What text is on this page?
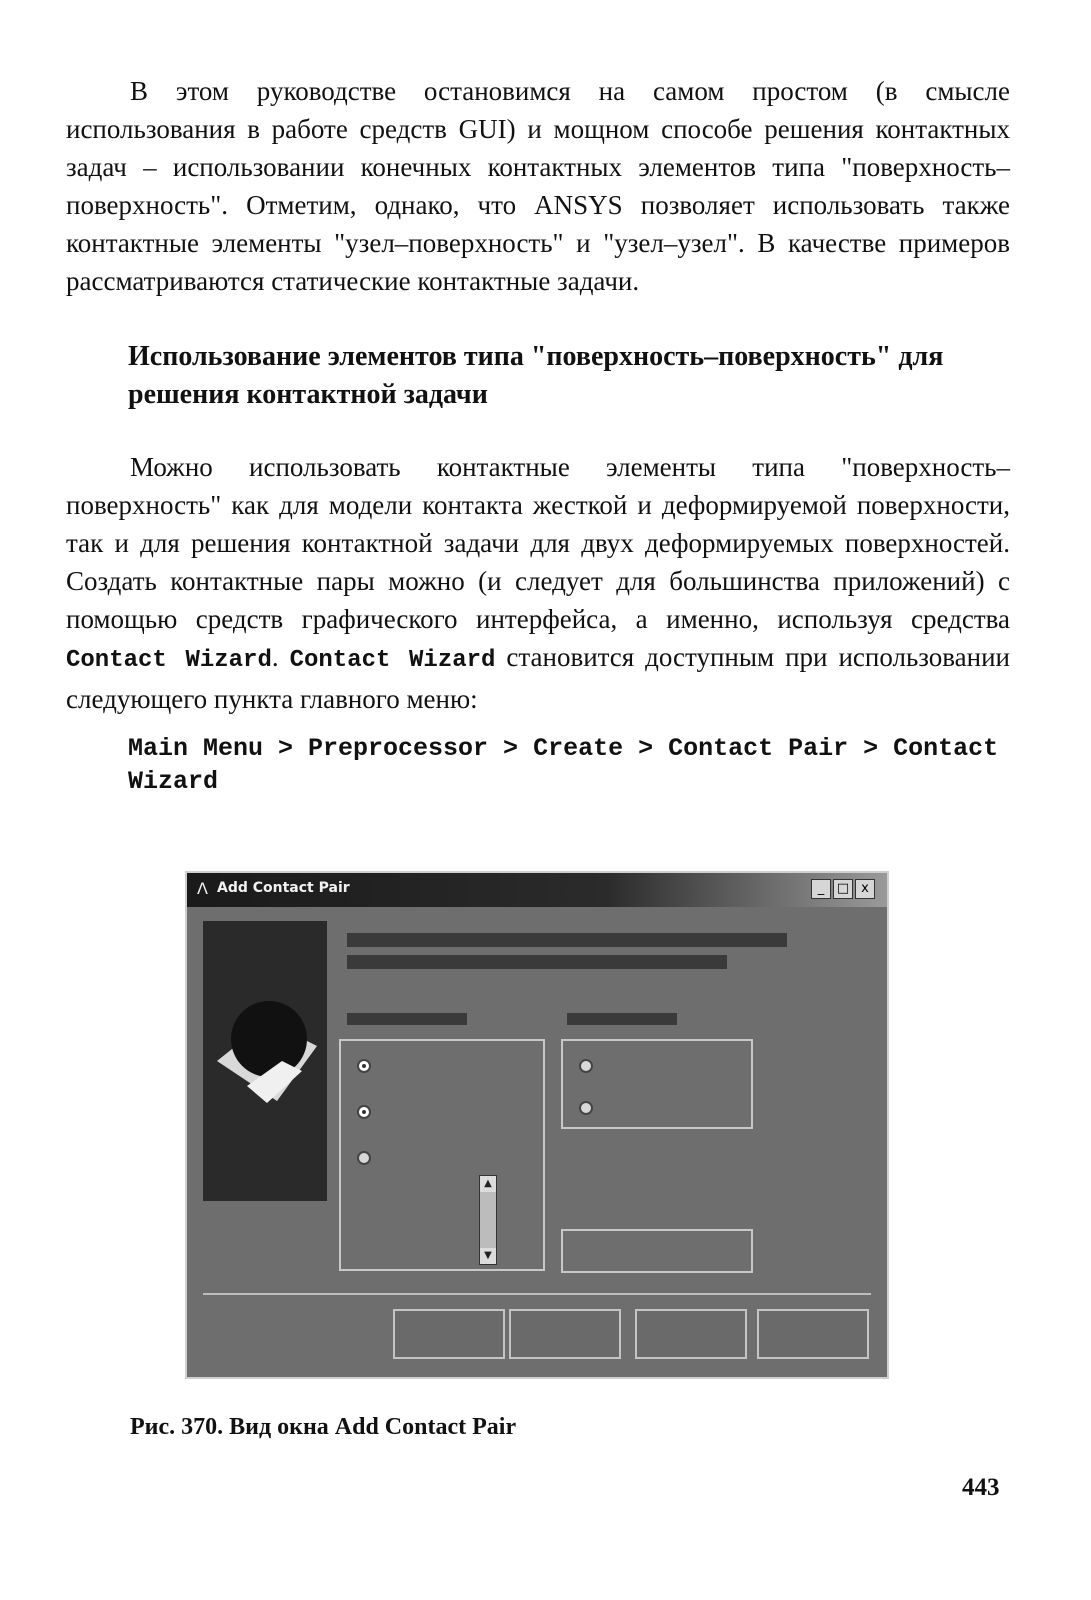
В этом руководстве остановимся на самом простом (в смысле использования в работе средств GUI) и мощном способе решения контактных задач – использовании конечных контактных элементов типа "поверхность–поверхность". Отметим, однако, что ANSYS позволяет использовать также контактные элементы "узел–поверхность" и "узел–узел". В качестве примеров рассматриваются статические контактные задачи.

Использование элементов типа "поверхность–поверхность" для решения контактной задачи

Можно использовать контактные элементы типа "поверхность–поверхность" как для модели контакта жесткой и деформируемой поверхности, так и для решения контактной задачи для двух деформируемых поверхностей. Создать контактные пары можно (и следует для большинства приложений) с помощью средств графического интерфейса, а именно, используя средства Contact Wizard. Contact Wizard становится доступным при использовании следующего пункта главного меню:

Main Menu > Preprocessor > Create > Contact Pair > Contact Wizard
Λ Add Contact Pair	_ □ x
▲
▼
Рис. 370. Вид окна Add Contact Pair
443
